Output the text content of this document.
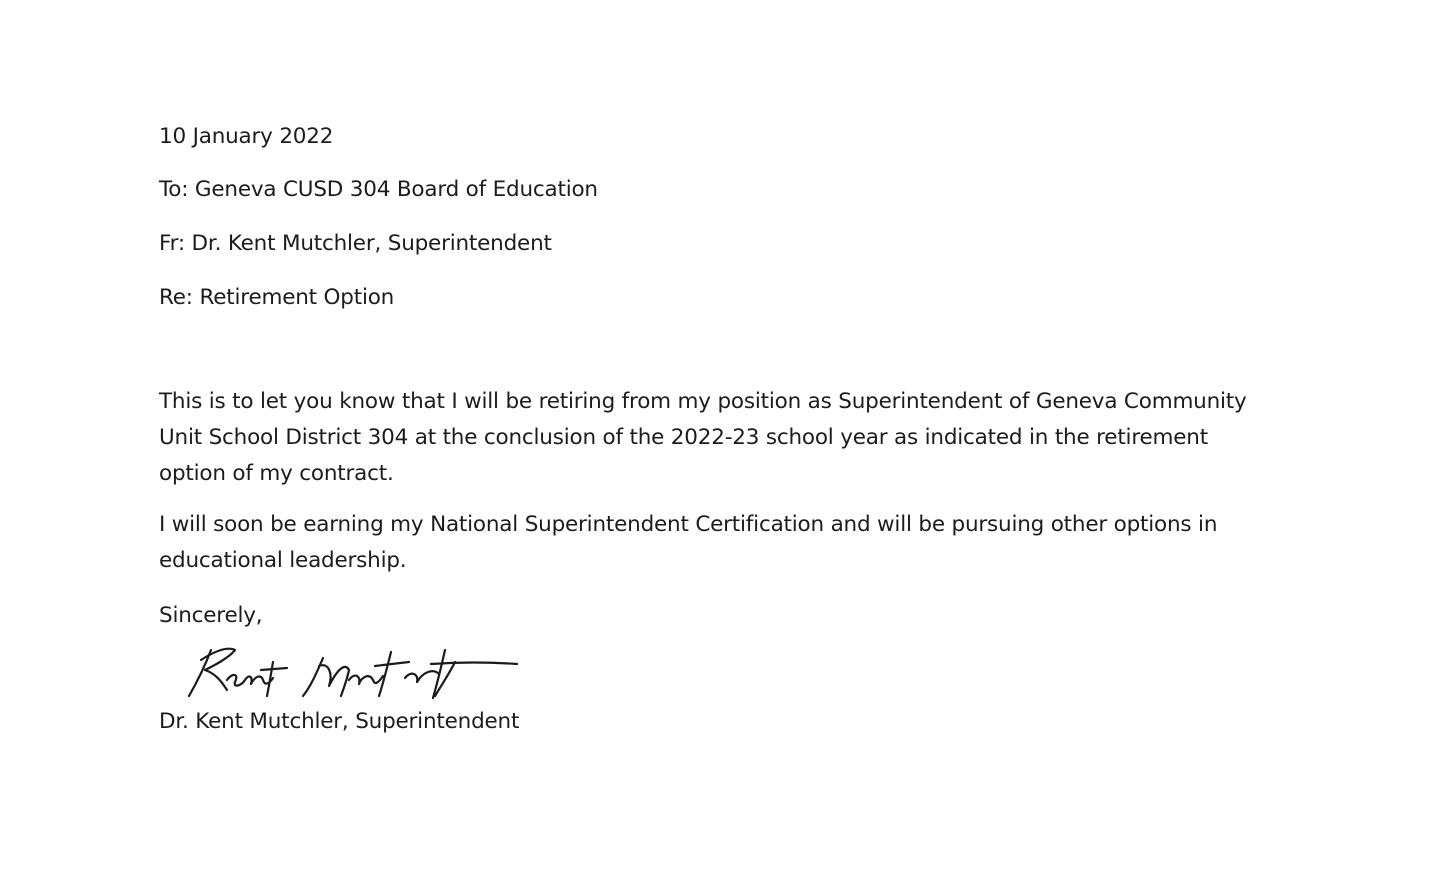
10 January 2022
To: Geneva CUSD 304 Board of Education
Fr: Dr. Kent Mutchler, Superintendent
Re: Retirement Option
This is to let you know that I will be retiring from my position as Superintendent of Geneva Community Unit School District 304 at the conclusion of the 2022-23 school year as indicated in the retirement option of my contract.
I will soon be earning my National Superintendent Certification and will be pursuing other options in educational leadership.
Sincerely,
Dr. Kent Mutchler, Superintendent
